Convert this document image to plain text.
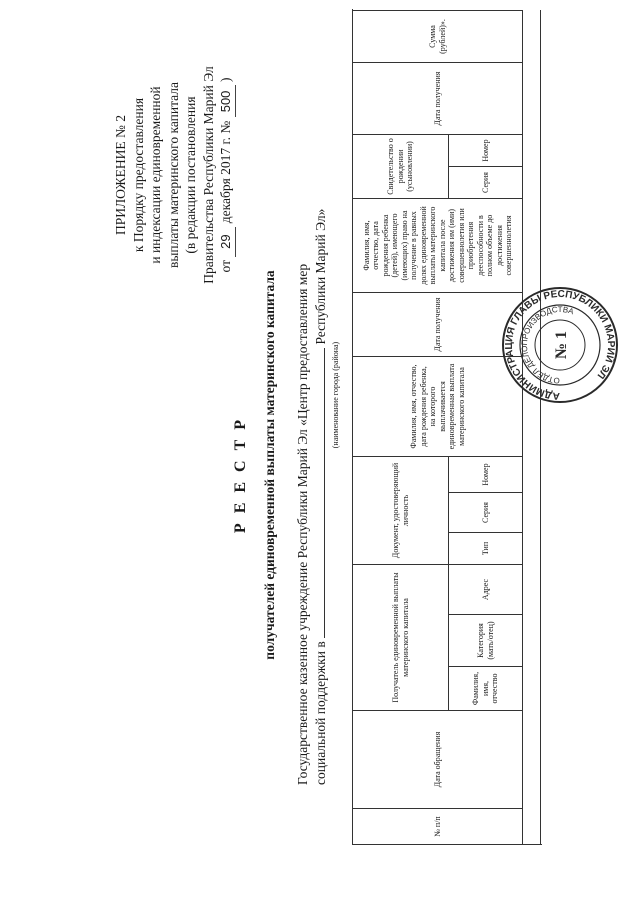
ПРИЛОЖЕНИЕ № 2 к Порядку предоставления и индексации единовременной выплаты материнского капитала (в редакции постановления Правительства Республики Марий Эл от 29 декабря 2017 г. № 500 )
Р Е Е С Т Р получателей единовременной выплаты материнского капитала Государственное казенное учреждение Республики Марий Эл «Центр предоставления мер социальной поддержки в  Республики Марий Эл»
(наименование города (района)
№ п/п
Дата обращения
Получатель единовременной выплаты материнского капитала
Фамилия, имя, отчество
Категория (мать/отец)
Адрес
Документ, удостоверяющий личность
Тип
Серия
Номер
Фамилия, имя, отчество, дата рождения ребенка, на которого выплачивается единовременная выплата материнского капитала
Дата получения
Фамилия, имя, отчество, дата рождения ребенка (детей), имеющего (имеющих) право на получение в равных долях единовременной выплаты материнского капитала после достижения им (ими) совершеннолетия или приобретения дееспособности в полном объеме до достижения совершеннолетия
Свидетельство о рождении (усыновлении)	Серия
Номер
Дата получения
Сумма (рублей)».
АДМИНИСТРАЦИЯ ГЛАВЫ РЕСПУБЛИКИ МАРИЙ ЭЛ
ОТДЕЛ ДЕЛОПРОИЗВОДСТВА
№ 1
